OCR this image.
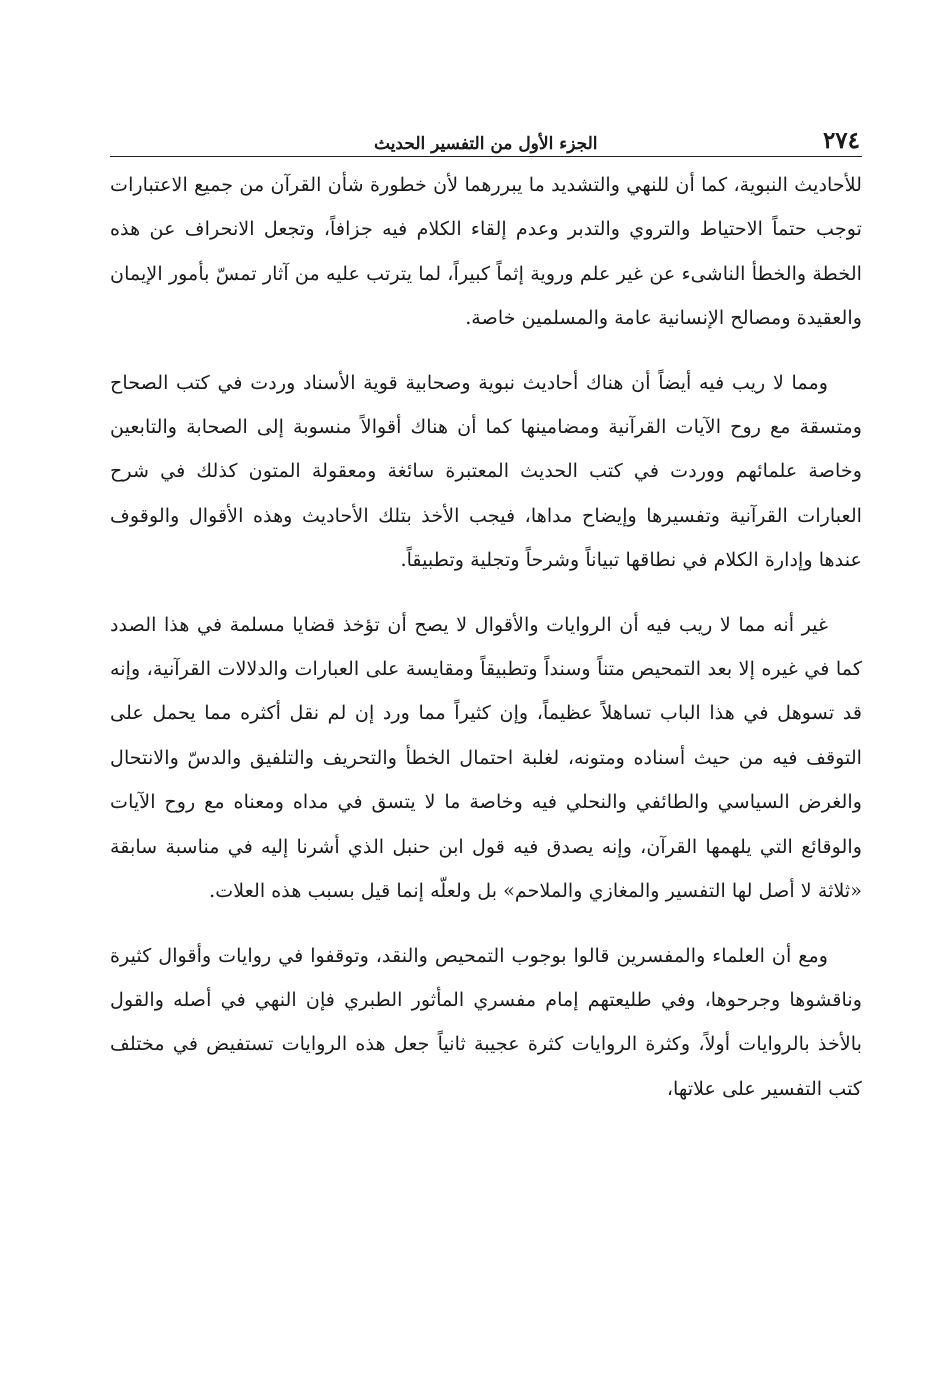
٢٧٤
الجزء الأول من التفسير الحديث

للأحاديث النبوية، كما أن للنهي والتشديد ما يبررهما لأن خطورة شأن القرآن من جميع الاعتبارات توجب حتماً الاحتياط والتروي والتدبر وعدم إلقاء الكلام فيه جزافاً، وتجعل الانحراف عن هذه الخطة والخطأ الناشىء عن غير علم وروية إثماً كبيراً، لما يترتب عليه من آثار تمسّ بأمور الإيمان والعقيدة ومصالح الإنسانية عامة والمسلمين خاصة.

ومما لا ريب فيه أيضاً أن هناك أحاديث نبوية وصحابية قوية الأسناد وردت في كتب الصحاح ومتسقة مع روح الآيات القرآنية ومضامينها كما أن هناك أقوالاً منسوبة إلى الصحابة والتابعين وخاصة علمائهم ووردت في كتب الحديث المعتبرة سائغة ومعقولة المتون كذلك في شرح العبارات القرآنية وتفسيرها وإيضاح مداها، فيجب الأخذ بتلك الأحاديث وهذه الأقوال والوقوف عندها وإدارة الكلام في نطاقها تبياناً وشرحاً وتجلية وتطبيقاً.

غير أنه مما لا ريب فيه أن الروايات والأقوال لا يصح أن تؤخذ قضايا مسلمة في هذا الصدد كما في غيره إلا بعد التمحيص متناً وسنداً وتطبيقاً ومقايسة على العبارات والدلالات القرآنية، وإنه قد تسوهل في هذا الباب تساهلاً عظيماً، وإن كثيراً مما ورد إن لم نقل أكثره مما يحمل على التوقف فيه من حيث أسناده ومتونه، لغلبة احتمال الخطأ والتحريف والتلفيق والدسّ والانتحال والغرض السياسي والطائفي والنحلي فيه وخاصة ما لا يتسق في مداه ومعناه مع روح الآيات والوقائع التي يلهمها القرآن، وإنه يصدق فيه قول ابن حنبل الذي أشرنا إليه في مناسبة سابقة «ثلاثة لا أصل لها التفسير والمغازي والملاحم» بل ولعلّه إنما قيل بسبب هذه العلات.

ومع أن العلماء والمفسرين قالوا بوجوب التمحيص والنقد، وتوقفوا في روايات وأقوال كثيرة وناقشوها وجرحوها، وفي طليعتهم إمام مفسري المأثور الطبري فإن النهي في أصله والقول بالأخذ بالروايات أولاً، وكثرة الروايات كثرة عجيبة ثانياً جعل هذه الروايات تستفيض في مختلف كتب التفسير على علاتها،
